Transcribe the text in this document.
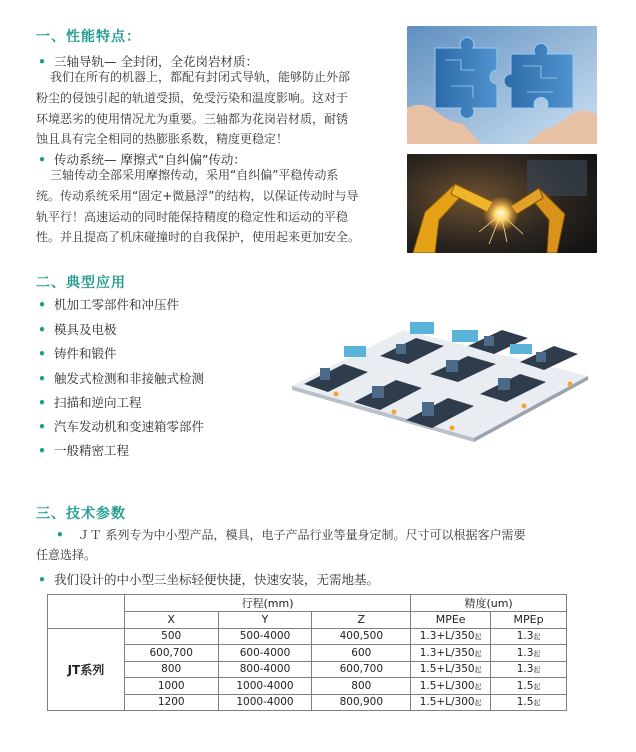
一、性能特点：
• 三轴导轨— 全封闭，全花岗岩材质：

我们在所有的机器上，都配有封闭式导轨，能够防止外部

粉尘的侵蚀引起的轨道受损，免受污染和温度影响。这对于

环境恶劣的使用情况尤为重要。三轴都为花岗岩材质，耐锈

蚀且具有完全相同的热膨胀系数，精度更稳定！

• 传动系统— 摩擦式“自纠偏”传动：

三轴传动全部采用摩擦传动，采用“自纠偏”平稳传动系

统。传动系统采用“固定+微悬浮”的结构，以保证传动时与导

轨平行！高速运动的同时能保持精度的稳定性和运动的平稳

性。并且提高了机床碰撞时的自我保护，使用起来更加安全。

二、典型应用
• 机加工零部件和冲压件
• 模具及电极
• 铸件和锻件
• 触发式检测和非接触式检测
• 扫描和逆向工程
• 汽车发动机和变速箱零部件
• 一般精密工程
三、技术参数

• ＪＴ 系列专为中小型产品，模具，电子产品行业等量身定制。尺寸可以根据客户需要

任意选择。

• 我们设计的中小型三坐标轻便快捷，快速安装，无需地基。
	行程(mm)			精度(um)	
	X	Y	Z	MPEe	MPEp
JT系列	500	500-4000	400,500	1.3+L/350起	1.3起
	600,700	600-4000	600	1.3+L/350起	1.3起
	800	800-4000	600,700	1.5+L/350起	1.3起
	1000	1000-4000	800	1.5+L/300起	1.5起
	1200	1000-4000	800,900	1.5+L/300起	1.5起
